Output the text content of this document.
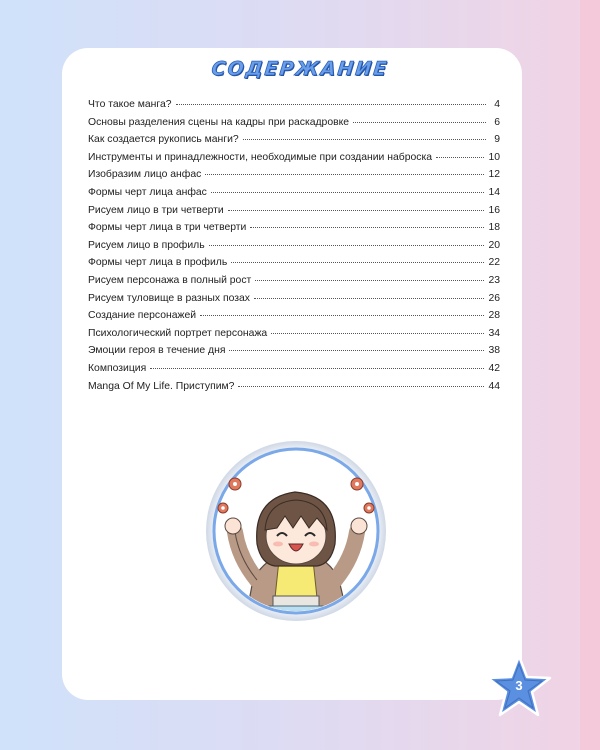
СОДЕРЖАНИЕ
Что такое манга?	4
Основы разделения сцены на кадры при раскадровке	6
Как создается рукопись манги?	9
Инструменты и принадлежности, необходимые при создании наброска	10
Изобразим лицо анфас	12
Формы черт лица анфас	14
Рисуем лицо в три четверти	16
Формы черт лица в три четверти	18
Рисуем лицо в профиль	20
Формы черт лица в профиль	22
Рисуем персонажа в полный рост	23
Рисуем туловище в разных позах	26
Создание персонажей	28
Психологический портрет персонажа	34
Эмоции героя в течение дня	38
Композиция	42
Manga Of My Life. Приступим?	44
3
